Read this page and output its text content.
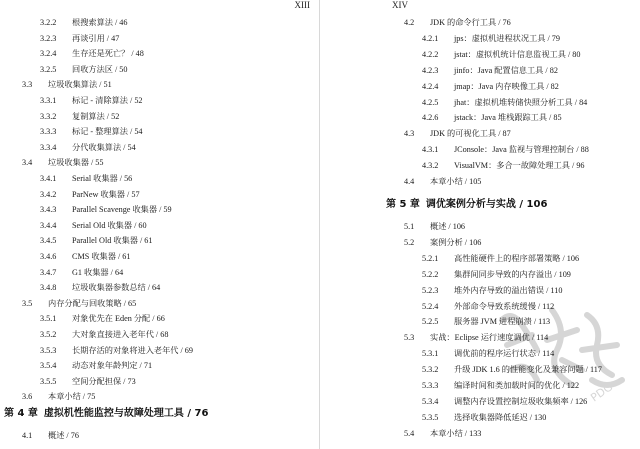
XIII
3.2.2 根搜索算法 / 46
3.2.3 再谈引用 / 47
3.2.4 生存还是死亡？ / 48
3.2.5 回收方法区 / 50
3.3 垃圾收集算法 / 51
3.3.1 标记 - 清除算法 / 52
3.3.2 复制算法 / 52
3.3.3 标记 - 整理算法 / 54
3.3.4 分代收集算法 / 54
3.4 垃圾收集器 / 55
3.4.1 Serial 收集器 / 56
3.4.2 ParNew 收集器 / 57
3.4.3 Parallel Scavenge 收集器 / 59
3.4.4 Serial Old 收集器 / 60
3.4.5 Parallel Old 收集器 / 61
3.4.6 CMS 收集器 / 61
3.4.7 G1 收集器 / 64
3.4.8 垃圾收集器参数总结 / 64
3.5 内存分配与回收策略 / 65
3.5.1 对象优先在 Eden 分配 / 66
3.5.2 大对象直接进入老年代 / 68
3.5.3 长期存活的对象将进入老年代 / 69
3.5.4 动态对象年龄判定 / 71
3.5.5 空间分配担保 / 73
3.6 本章小结 / 75
第 4 章 虚拟机性能监控与故障处理工具 / 76
4.1 概述 / 76
XIV
4.2 JDK 的命令行工具 / 76
4.2.1 jps：虚拟机进程状况工具 / 79
4.2.2 jstat：虚拟机统计信息监视工具 / 80
4.2.3 jinfo：Java 配置信息工具 / 82
4.2.4 jmap：Java 内存映像工具 / 82
4.2.5 jhat：虚拟机堆转储快照分析工具 / 84
4.2.6 jstack：Java 堆栈跟踪工具 / 85
4.3 JDK 的可视化工具 / 87
4.3.1 JConsole：Java 监视与管理控制台 / 88
4.3.2 VisualVM：多合一故障处理工具 / 96
4.4 本章小结 / 105
第 5 章 调优案例分析与实战 / 106
5.1 概述 / 106
5.2 案例分析 / 106
5.2.1 高性能硬件上的程序部署策略 / 106
5.2.2 集群间同步导致的内存溢出 / 109
5.2.3 堆外内存导致的溢出错误 / 110
5.2.4 外部命令导致系统缓慢 / 112
5.2.5 服务器 JVM 进程崩溃 / 113
5.3 实战：Eclipse 运行速度调优 / 114
5.3.1 调优前的程序运行状态 / 114
5.3.2 升级 JDK 1.6 的性能变化及兼容问题 / 117
5.3.3 编译时间和类加载时间的优化 / 122
5.3.4 调整内存设置控制垃圾收集频率 / 126
5.3.5 选择收集器降低延迟 / 130
5.4 本章小结 / 133
PDG
